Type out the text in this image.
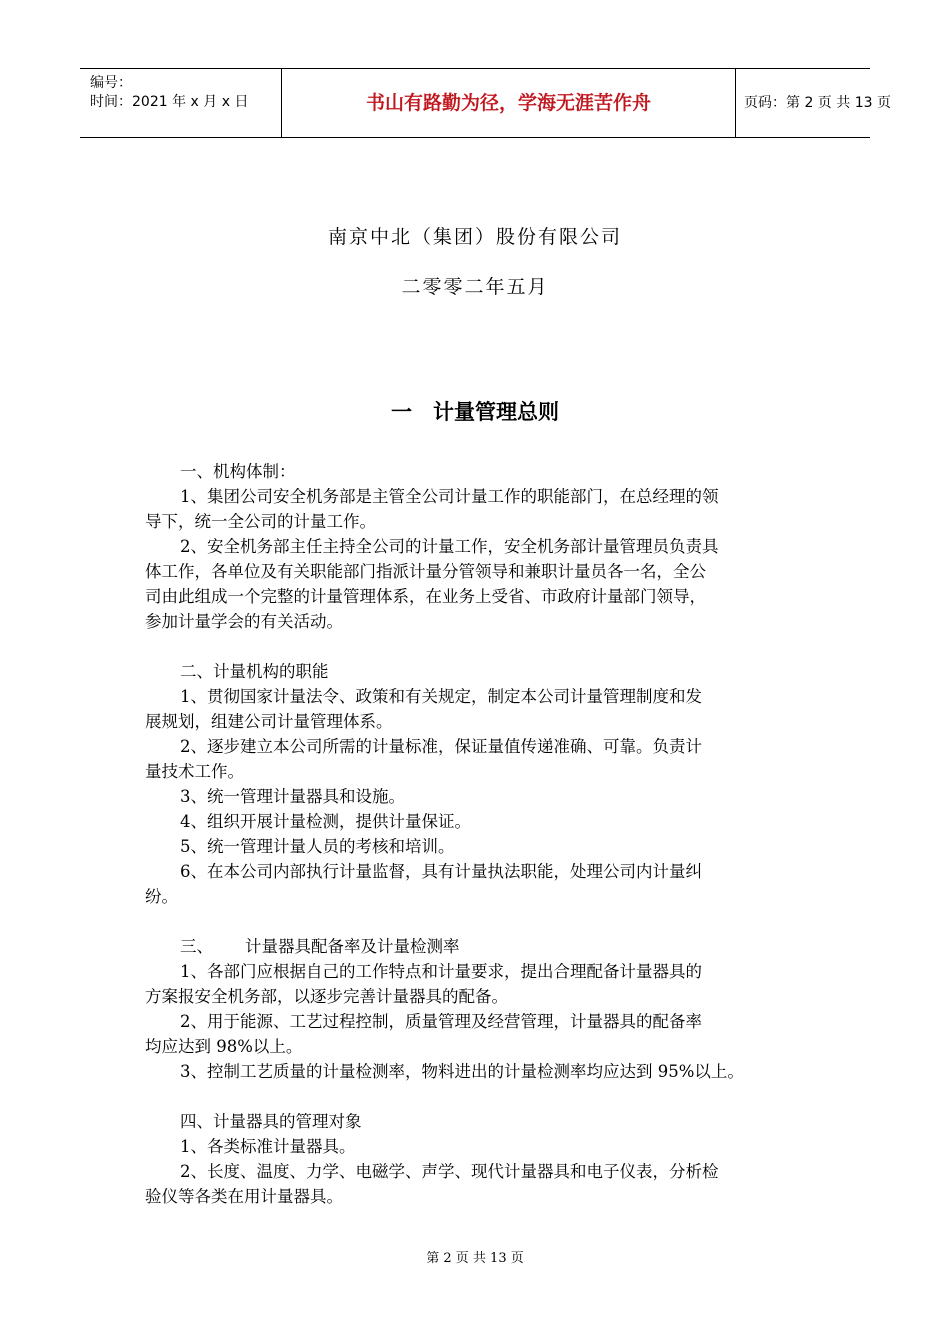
编号：
时间：2021 年 x 月 x 日	书山有路勤为径，学海无涯苦作舟	页码：第 2 页 共 13 页
南京中北（集团）股份有限公司
二零零二年五月
一　计量管理总则
一、机构体制：
1、集团公司安全机务部是主管全公司计量工作的职能部门，在总经理的领
导下，统一全公司的计量工作。
2、安全机务部主任主持全公司的计量工作，安全机务部计量管理员负责具
体工作，各单位及有关职能部门指派计量分管领导和兼职计量员各一名，全公
司由此组成一个完整的计量管理体系，在业务上受省、市政府计量部门领导，
参加计量学会的有关活动。
二、计量机构的职能
1、贯彻国家计量法令、政策和有关规定，制定本公司计量管理制度和发
展规划，组建公司计量管理体系。
2、逐步建立本公司所需的计量标准，保证量值传递准确、可靠。负责计
量技术工作。
3、统一管理计量器具和设施。
4、组织开展计量检测，提供计量保证。
5、统一管理计量人员的考核和培训。
6、在本公司内部执行计量监督，具有计量执法职能，处理公司内计量纠
纷。
三、 计量器具配备率及计量检测率
1、各部门应根据自己的工作特点和计量要求，提出合理配备计量器具的
方案报安全机务部，以逐步完善计量器具的配备。
2、用于能源、工艺过程控制，质量管理及经营管理，计量器具的配备率
均应达到 98%以上。
3、控制工艺质量的计量检测率，物料进出的计量检测率均应达到 95%以上。
四、计量器具的管理对象
1、各类标准计量器具。
2、长度、温度、力学、电磁学、声学、现代计量器具和电子仪表，分析检
验仪等各类在用计量器具。
第 2 页 共 13 页
